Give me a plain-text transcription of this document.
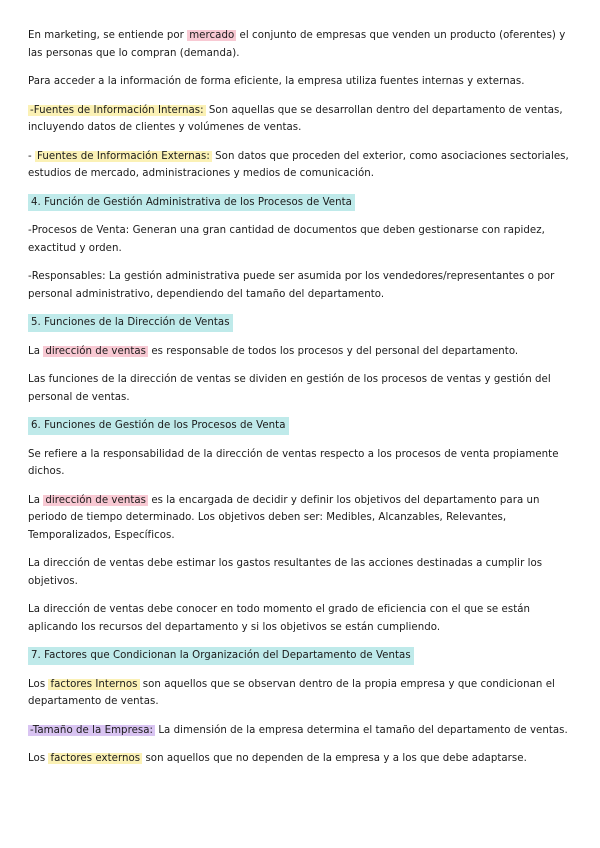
En marketing, se entiende por mercado el conjunto de empresas que venden un producto (oferentes) y las personas que lo compran (demanda).

Para acceder a la información de forma eficiente, la empresa utiliza fuentes internas y externas.

-Fuentes de Información Internas: Son aquellas que se desarrollan dentro del departamento de ventas, incluyendo datos de clientes y volúmenes de ventas.

- Fuentes de Información Externas: Son datos que proceden del exterior, como asociaciones sectoriales, estudios de mercado, administraciones y medios de comunicación.

4. Función de Gestión Administrativa de los Procesos de Venta

-Procesos de Venta: Generan una gran cantidad de documentos que deben gestionarse con rapidez, exactitud y orden.

-Responsables: La gestión administrativa puede ser asumida por los vendedores/representantes o por personal administrativo, dependiendo del tamaño del departamento.

5. Funciones de la Dirección de Ventas

La dirección de ventas es responsable de todos los procesos y del personal del departamento.

Las funciones de la dirección de ventas se dividen en gestión de los procesos de ventas y gestión del personal de ventas.

6. Funciones de Gestión de los Procesos de Venta

Se refiere a la responsabilidad de la dirección de ventas respecto a los procesos de venta propiamente dichos.

La dirección de ventas es la encargada de decidir y definir los objetivos del departamento para un periodo de tiempo determinado. Los objetivos deben ser: Medibles, Alcanzables, Relevantes, Temporalizados, Específicos.

La dirección de ventas debe estimar los gastos resultantes de las acciones destinadas a cumplir los objetivos.

La dirección de ventas debe conocer en todo momento el grado de eficiencia con el que se están aplicando los recursos del departamento y si los objetivos se están cumpliendo.

7. Factores que Condicionan la Organización del Departamento de Ventas

Los factores Internos son aquellos que se observan dentro de la propia empresa y que condicionan el departamento de ventas.

-Tamaño de la Empresa: La dimensión de la empresa determina el tamaño del departamento de ventas.

Los factores externos son aquellos que no dependen de la empresa y a los que debe adaptarse.
